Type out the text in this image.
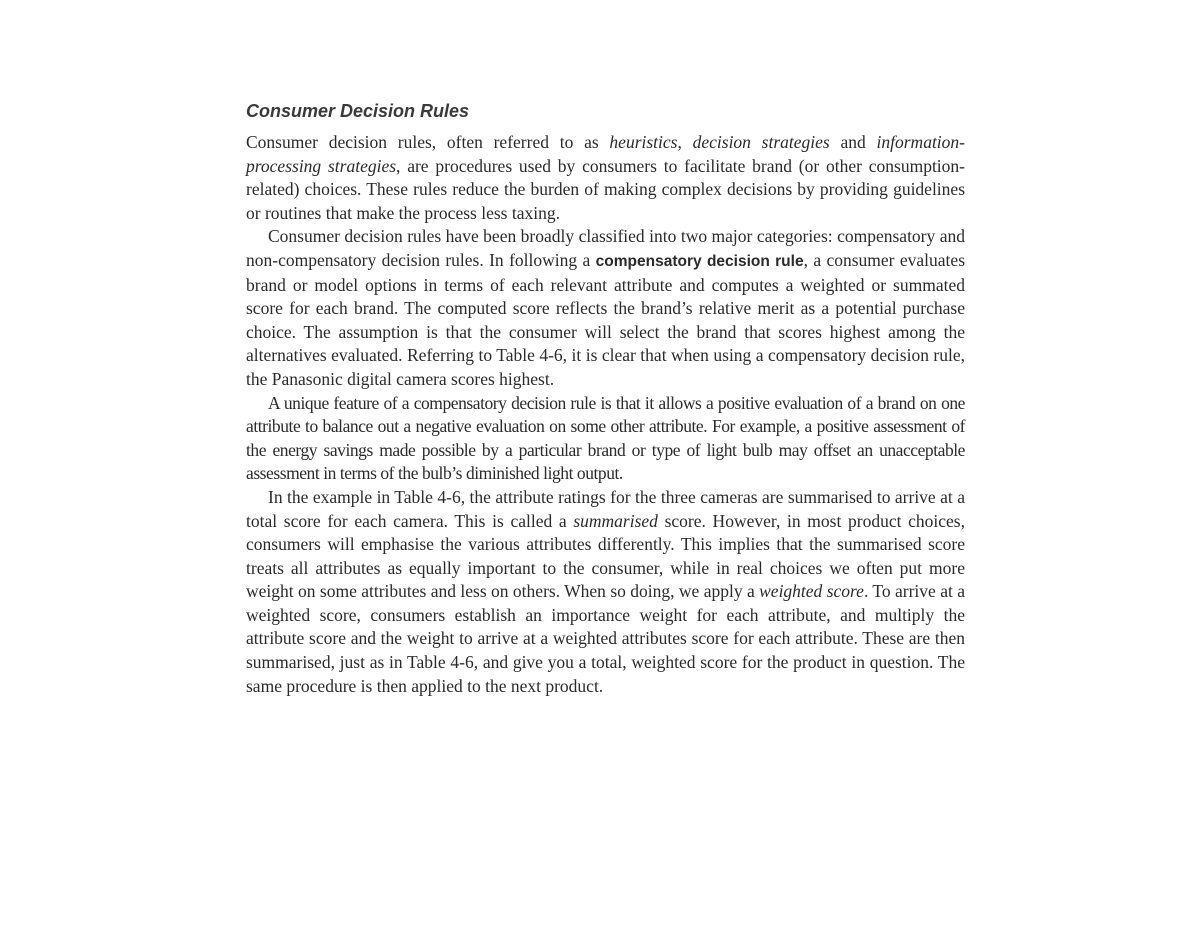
Consumer Decision Rules

Consumer decision rules, often referred to as heuristics, decision strategies and information-processing strategies, are procedures used by consumers to facilitate brand (or other consumption-related) choices. These rules reduce the burden of making complex decisions by providing guidelines or routines that make the process less taxing.

Consumer decision rules have been broadly classified into two major categories: compensatory and non-compensatory decision rules. In following a compensatory decision rule, a consumer evaluates brand or model options in terms of each relevant attribute and computes a weighted or summated score for each brand. The computed score reflects the brand’s relative merit as a potential purchase choice. The assumption is that the consumer will select the brand that scores highest among the alternatives evaluated. Referring to Table 4-6, it is clear that when using a compensatory decision rule, the Panasonic digital camera scores highest.

A unique feature of a compensatory decision rule is that it allows a positive evaluation of a brand on one attribute to balance out a negative evaluation on some other attribute. For example, a positive assessment of the energy savings made possible by a particular brand or type of light bulb may offset an unacceptable assessment in terms of the bulb’s diminished light output.

In the example in Table 4-6, the attribute ratings for the three cameras are summarised to arrive at a total score for each camera. This is called a summarised score. However, in most product choices, consumers will emphasise the various attributes differently. This implies that the summarised score treats all attributes as equally important to the consumer, while in real choices we often put more weight on some attributes and less on others. When so doing, we apply a weighted score. To arrive at a weighted score, consumers establish an importance weight for each attribute, and multiply the attribute score and the weight to arrive at a weighted attributes score for each attribute. These are then summarised, just as in Table 4-6, and give you a total, weighted score for the product in question. The same procedure is then applied to the next product.
